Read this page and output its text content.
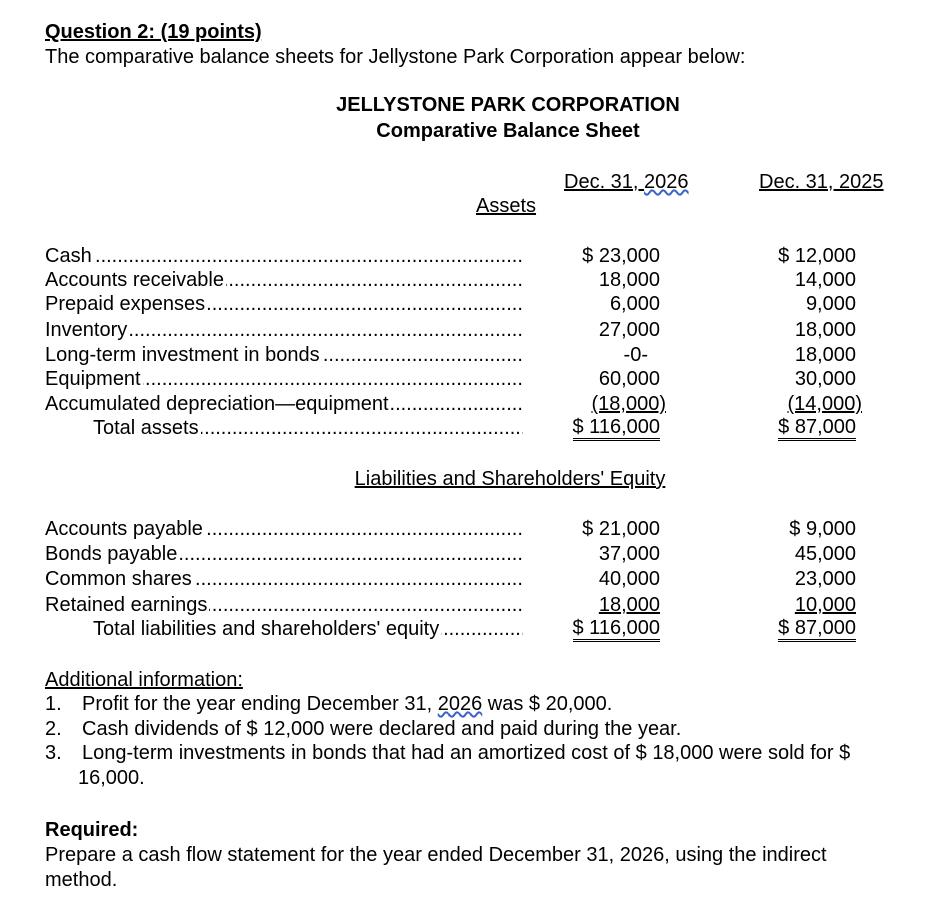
Question 2: (19 points)
The comparative balance sheets for Jellystone Park Corporation appear below:
JELLYSTONE PARK CORPORATION
Comparative Balance Sheet
Dec. 31, 2026	Dec. 31, 2025
Assets
.....
Cash	$ 23,000	$ 12,000
.....
Accounts receivable	18,000	14,000
.....
Prepaid expenses	6,000	9,000
.....
Inventory	27,000	18,000
.....
Long-term investment in bonds	-0-	18,000
.....
Equipment	60,000	30,000
.....
Accumulated depreciation—equipment	(18,000)	(14,000)
.....
Total assets	$ 116,000	$ 87,000
Liabilities and Shareholders' Equity
.....
Accounts payable	$ 21,000	$ 9,000
.....
Bonds payable	37,000	45,000
.....
Common shares	40,000	23,000
.....
Retained earnings	18,000	10,000
.....
Total liabilities and shareholders' equity	$ 116,000	$ 87,000
Additional information:
1. Profit for the year ending December 31, 2026 was $ 20,000.
2. Cash dividends of $ 12,000 were declared and paid during the year.
3. Long-term investments in bonds that had an amortized cost of $ 18,000 were sold for $
16,000.
Required:
Prepare a cash flow statement for the year ended December 31, 2026, using the indirect
method.
